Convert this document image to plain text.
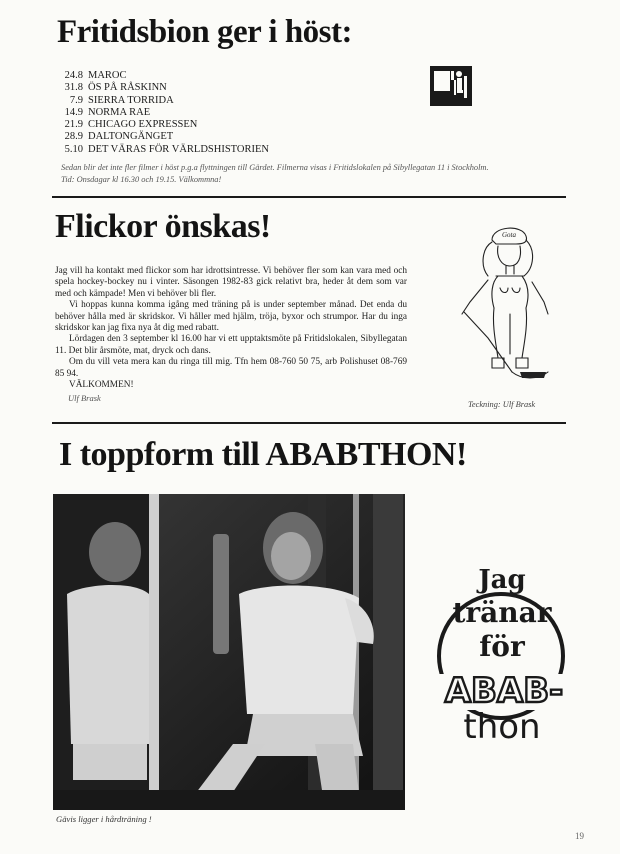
Fritidsbion ger i höst:
24.8 MAROC
31.8 ÖS PÅ RÅSKINN
7.9 SIERRA TORRIDA
14.9 NORMA RAE
21.9 CHICAGO EXPRESSEN
28.9 DALTONGÄNGET
5.10 DET VÄRAS FÖR VÄRLDSHISTORIEN
Sedan blir det inte fler filmer i höst p.g.a flyttningen till Gärdet. Filmerna visas i Fritidslokalen på Sibyllegatan 11 i Stockholm.
Tid: Onsdagar kl 16.30 och 19.15. Välkommna!
Flickor önskas!

Jag vill ha kontakt med flickor som har idrottsintresse. Vi behöver fler som kan vara med och spela hockey-bockey nu i vinter. Säsongen 1982-83 gick relativt bra, heder åt dem som var med och kämpade! Men vi behöver bli fler.

Vi hoppas kunna komma igång med träning på is under september månad. Det enda du behöver hålla med är skridskor. Vi håller med hjälm, tröja, byxor och strumpor. Har du inga skridskor kan jag fixa nya åt dig med rabatt.

Lördagen den 3 september kl 16.00 har vi ett upptaktsmöte på Fritidslokalen, Sibyllegatan 11. Det blir årsmöte, mat, dryck och dans.

Om du vill veta mera kan du ringa till mig. Tfn hem 08-760 50 75, arb Polishuset 08-769 85 94.

VÄLKOMMEN!

Ulf Brask
Gota
Teckning: Ulf Brask
I toppform till ABABTHON!
Gävis ligger i hårdträning !
Jag
tränar
för
ABAB-
thon
19
